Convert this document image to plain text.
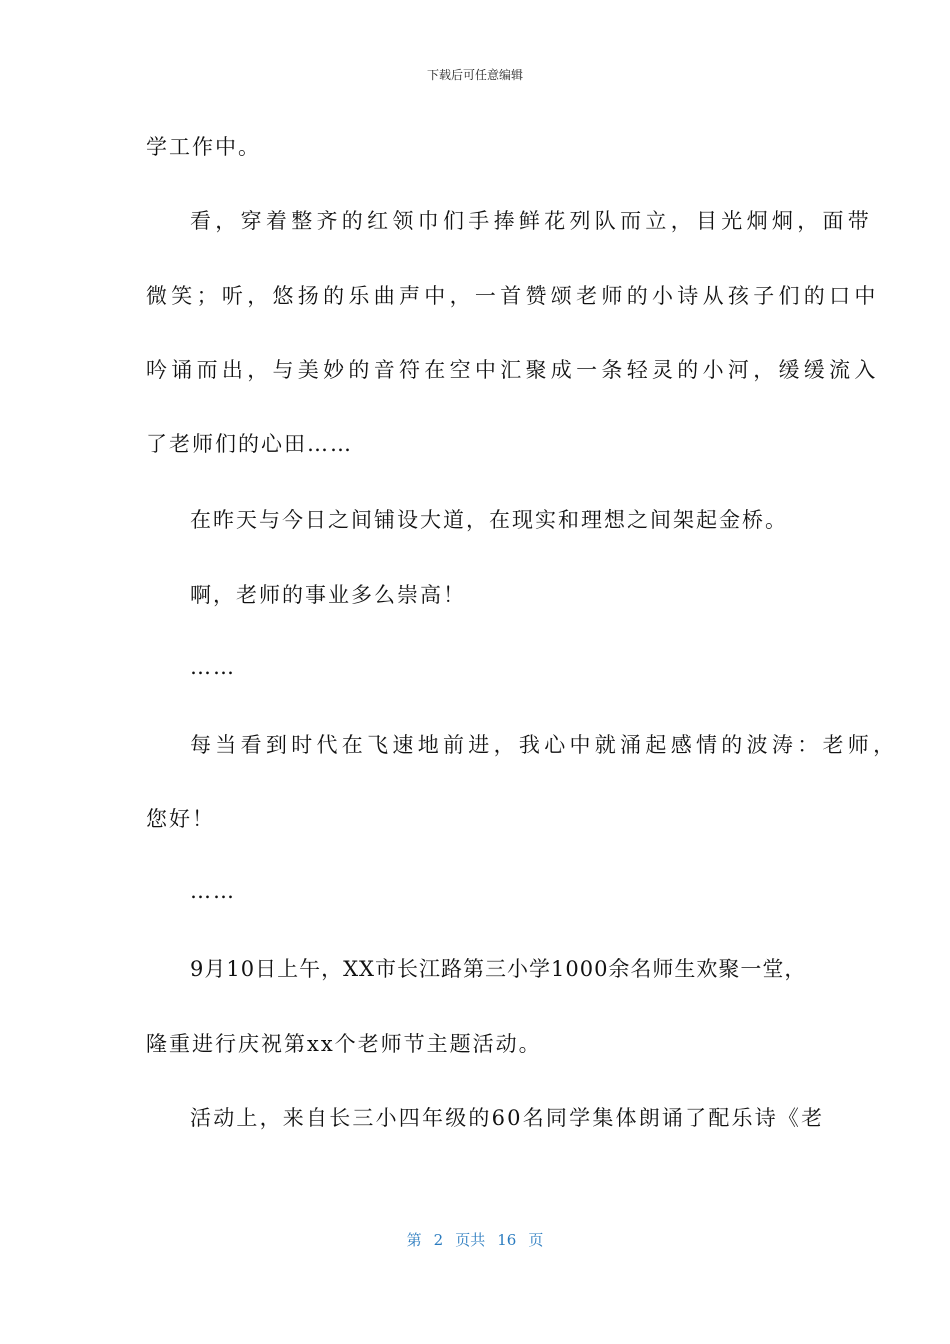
下载后可任意编辑
学工作中。
看，穿着整齐的红领巾们手捧鲜花列队而立，目光炯炯，面带
微笑；听，悠扬的乐曲声中，一首赞颂老师的小诗从孩子们的口中
吟诵而出，与美妙的音符在空中汇聚成一条轻灵的小河，缓缓流入
了老师们的心田……
在昨天与今日之间铺设大道，在现实和理想之间架起金桥。
啊，老师的事业多么崇高！
……
每当看到时代在飞速地前进，我心中就涌起感情的波涛：老师，
您好！
……
9月10日上午，XX市长江路第三小学1000余名师生欢聚一堂，
隆重进行庆祝第xx个老师节主题活动。
活动上，来自长三小四年级的60名同学集体朗诵了配乐诗《老
第 2 页共 16 页
